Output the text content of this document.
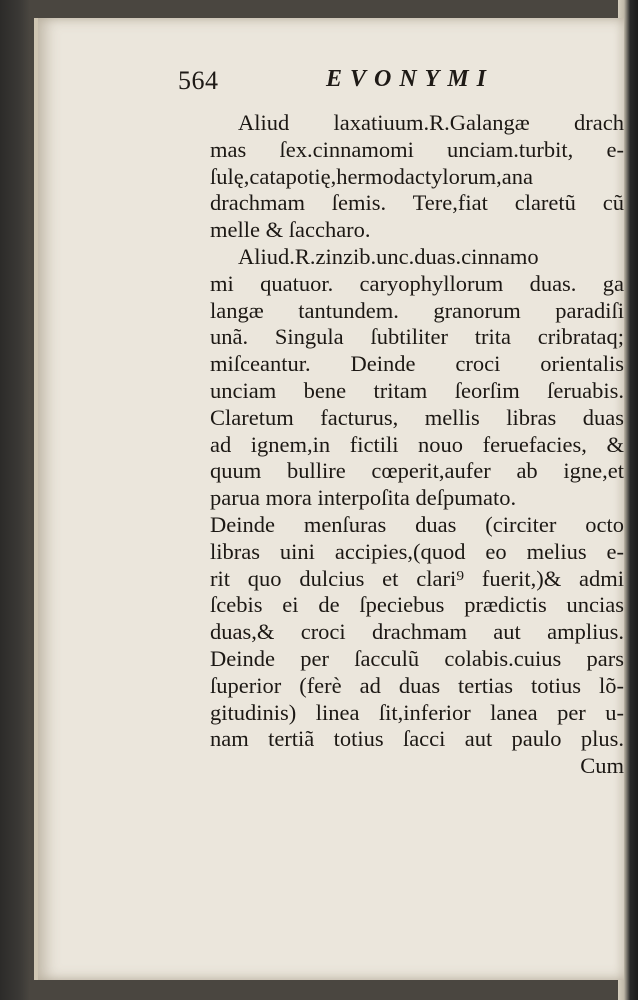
564	EVONYMI
Aliud laxatiuum.R.Galangæ drach
mas ſex.cinnamomi unciam.turbit, e-
ſulę,catapotię,hermodactylorum,ana
drachmam ſemis. Tere,fiat claretũ cũ
melle & ſaccharo.
Aliud.R.zinzib.unc.duas.cinnamo
mi quatuor. caryophyllorum duas. ga
langæ tantundem. granorum paradiſi
unã. Singula ſubtiliter trita cribrataq;
miſceantur. Deinde croci orientalis
unciam bene tritam ſeorſim ſeruabis.
Claretum facturus, mellis libras duas
ad ignem,in fictili nouo feruefacies, &
quum bullire cœperit,aufer ab igne,et
parua mora interpoſita deſpumato.
Deinde menſuras duas (circiter octo
libras uini accipies,(quod eo melius e-
rit quo dulcius et clari⁹ fuerit,)& admi
ſcebis ei de ſpeciebus prædictis uncias
duas,& croci drachmam aut amplius.
Deinde per ſacculũ colabis.cuius pars
ſuperior (ferè ad duas tertias totius lõ-
gitudinis) linea ſit,inferior lanea per u-
nam tertiã totius ſacci aut paulo plus.
Cum
